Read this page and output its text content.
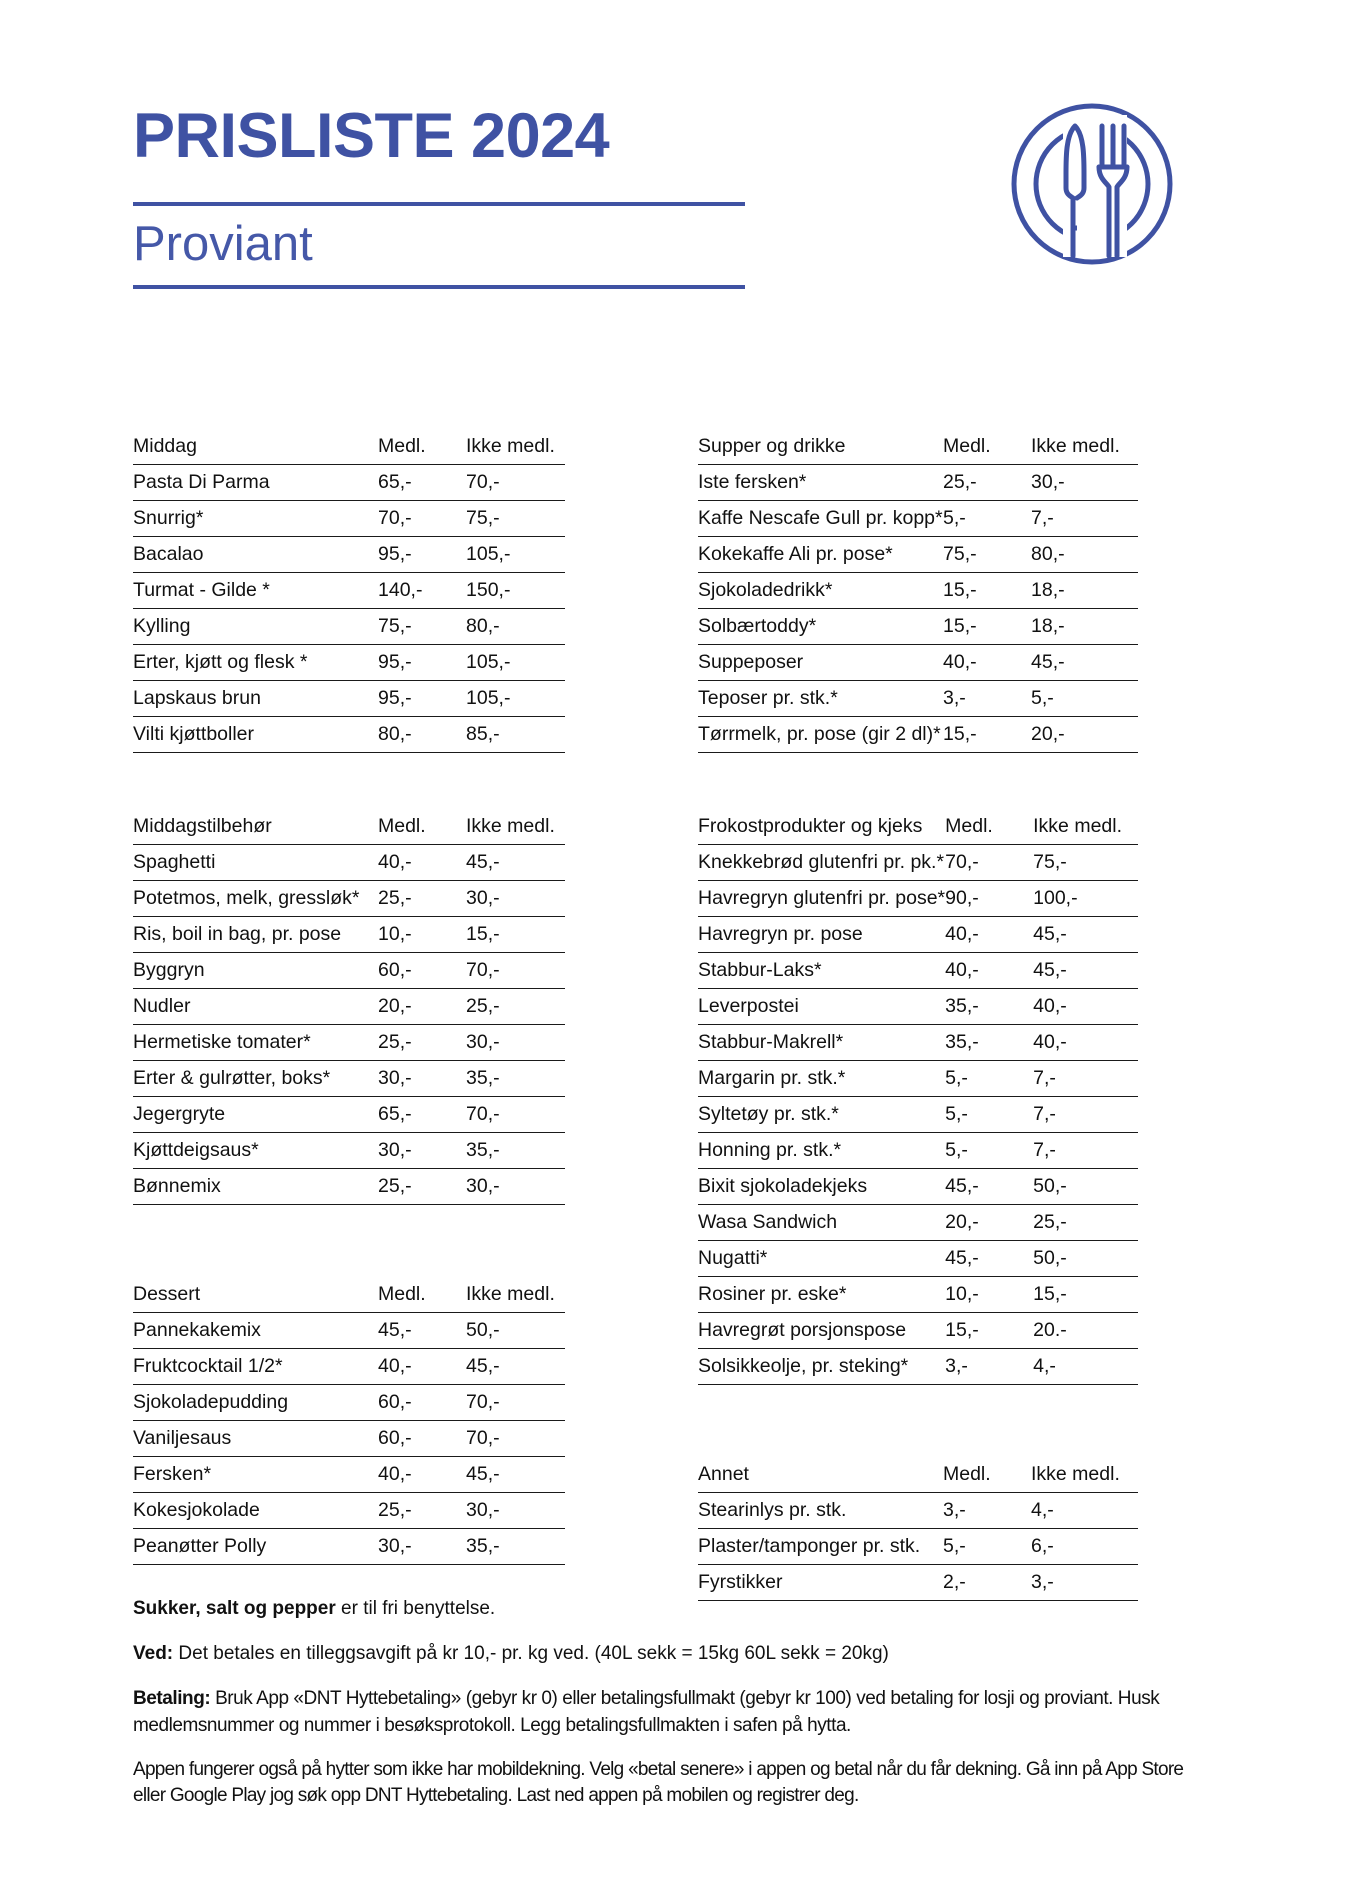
PRISLISTE 2024
Proviant
Middag	Medl.	Ikke medl.
Pasta Di Parma	65,-	70,-
Snurrig*	70,-	75,-
Bacalao	95,-	105,-
Turmat - Gilde *	140,-	150,-
Kylling	75,-	80,-
Erter, kjøtt og flesk *	95,-	105,-
Lapskaus brun	95,-	105,-
Vilti kjøttboller	80,-	85,-
Middagstilbehør	Medl.	Ikke medl.
Spaghetti	40,-	45,-
Potetmos, melk, gressløk*	25,-	30,-
Ris, boil in bag, pr. pose	10,-	15,-
Byggryn	60,-	70,-
Nudler	20,-	25,-
Hermetiske tomater*	25,-	30,-
Erter & gulrøtter, boks*	30,-	35,-
Jegergryte	65,-	70,-
Kjøttdeigsaus*	30,-	35,-
Bønnemix	25,-	30,-
Dessert	Medl.	Ikke medl.
Pannekakemix	45,-	50,-
Fruktcocktail 1/2*	40,-	45,-
Sjokoladepudding	60,-	70,-
Vaniljesaus	60,-	70,-
Fersken*	40,-	45,-
Kokesjokolade	25,-	30,-
Peanøtter Polly	30,-	35,-
Supper og drikke	Medl.	Ikke medl.
Iste fersken*	25,-	30,-
Kaffe Nescafe Gull pr. kopp*	5,-	7,-
Kokekaffe Ali pr. pose*	75,-	80,-
Sjokoladedrikk*	15,-	18,-
Solbærtoddy*	15,-	18,-
Suppeposer	40,-	45,-
Teposer pr. stk.*	3,-	5,-
Tørrmelk, pr. pose (gir 2 dl)*	15,-	20,-
Frokostprodukter og kjeks	Medl.	Ikke medl.
Knekkebrød glutenfri pr. pk.*	70,-	75,-
Havregryn glutenfri pr. pose*	90,-	100,-
Havregryn pr. pose	40,-	45,-
Stabbur-Laks*	40,-	45,-
Leverpostei	35,-	40,-
Stabbur-Makrell*	35,-	40,-
Margarin pr. stk.*	5,-	7,-
Syltetøy pr. stk.*	5,-	7,-
Honning pr. stk.*	5,-	7,-
Bixit sjokoladekjeks	45,-	50,-
Wasa Sandwich	20,-	25,-
Nugatti*	45,-	50,-
Rosiner pr. eske*	10,-	15,-
Havregrøt porsjonspose	15,-	20.-
Solsikkeolje, pr. steking*	3,-	4,-
Annet	Medl.	Ikke medl.
Stearinlys pr. stk.	3,-	4,-
Plaster/tamponger pr. stk.	5,-	6,-
Fyrstikker	2,-	3,-

Sukker, salt og pepper er til fri benyttelse.

Ved: Det betales en tilleggsavgift på kr 10,- pr. kg ved. (40L sekk = 15kg 60L sekk = 20kg)

Betaling: Bruk App «DNT Hyttebetaling» (gebyr kr 0) eller betalingsfullmakt (gebyr kr 100) ved betaling for losji og proviant. Husk medlemsnummer og nummer i besøksprotokoll. Legg betalingsfullmakten i safen på hytta.

Appen fungerer også på hytter som ikke har mobildekning. Velg «betal senere» i appen og betal når du får dekning. Gå inn på App Store eller Google Play jog søk opp DNT Hyttebetaling. Last ned appen på mobilen og registrer deg.
